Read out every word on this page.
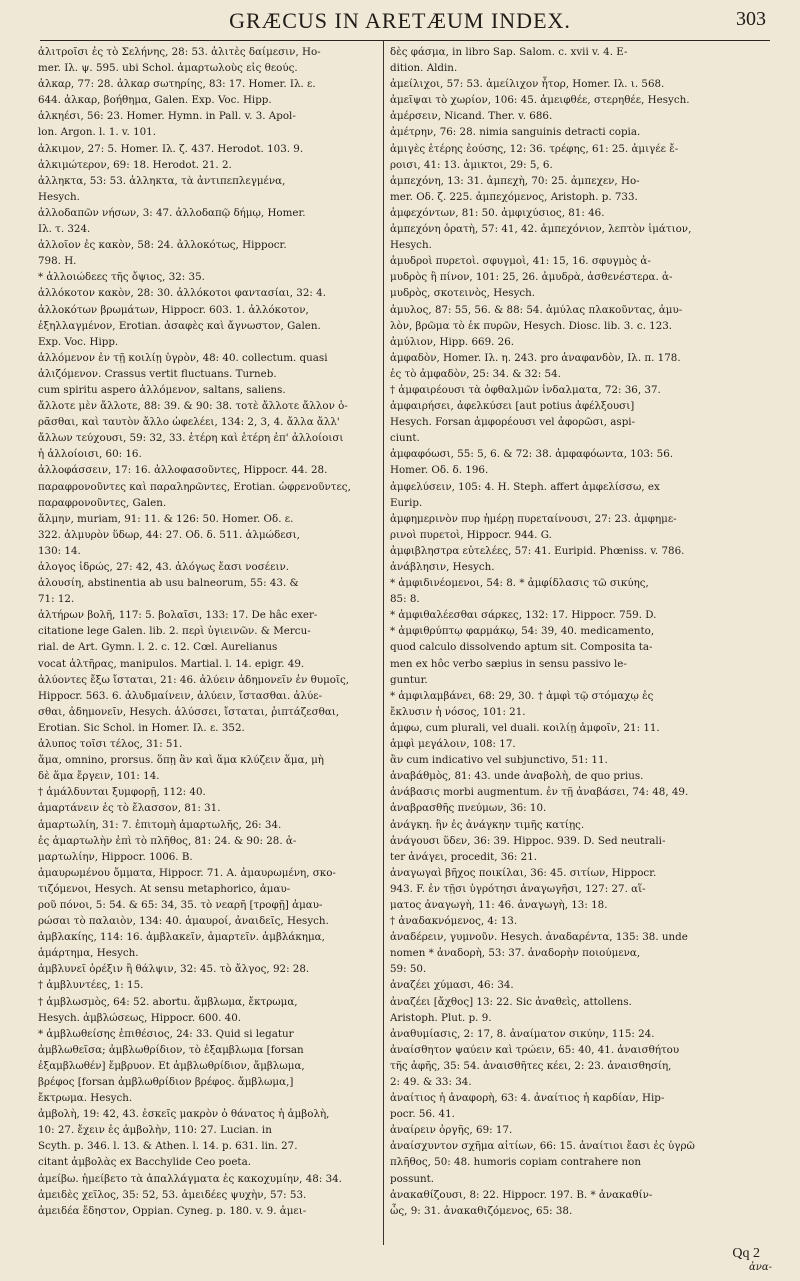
GRÆCUS IN ARETÆUM INDEX.	303
ἀλιτροῖσι ἐς τὸ Σελήνης, 28: 53. ἀλιτὲς δαίμεσιν, Ho-
mer. Ιλ. ψ. 595. ubi Schol. ἁμαρτωλοὺς εἰς θεούς.
ἀλκαρ, 77: 28. ἀλκαρ σωτηρίης, 83: 17. Homer. Ιλ. ε.
644. ἀλκαρ, βοήθημα, Galen. Exp. Voc. Hipp.
ἀλκηέσι, 56: 23. Homer. Hymn. in Pall. v. 3. Apol-
lon. Argon. l. 1. v. 101.
ἀλκιμον, 27: 5. Homer. Ιλ. ζ. 437. Herodot. 103. 9.
ἀλκιμώτερον, 69: 18. Herodot. 21. 2.
ἀλληκτα, 53: 53. ἀλληκτα, τὰ ἀντιπεπλεγμένα,
Hesych.
ἀλλοδαπῶν νήσων, 3: 47. ἀλλοδαπῷ δήμῳ, Homer.
Ιλ. τ. 324.
ἀλλοῖον ἐς κακὸν, 58: 24. ἀλλοκότως, Hippocr.
798. H.
* ἀλλοιώδεες τῆς ὄψιος, 32: 35.
ἀλλόκοτον κακὸν, 28: 30. ἀλλόκοτοι φαντασίαι, 32: 4.
ἀλλοκότων βρωμάτων, Hippocr. 603. 1. ἀλλόκοτον,
ἐξηλλαγμένον, Erotian. ἀσαφὲς καὶ ἄγνωστον, Galen.
Exp. Voc. Hipp.
ἀλλόμενον ἐν τῇ κοιλίῃ ὑγρὸν, 48: 40. collectum. quasi
ἀλιζόμενον. Crassus vertit fluctuans. Turneb.
cum spiritu aspero ἁλλόμενον, saltans, saliens.
ἄλλοτε μὲν ἄλλοτε, 88: 39. & 90: 38. τοτὲ ἄλλοτε ἄλλον ὁ-
ρᾶσθαι, καὶ ταυτὸν ἄλλο ὠφελέει, 134: 2, 3, 4. ἄλλα ἄλλ'
ἄλλων τεύχουσι, 59: 32, 33. ἑτέρη καὶ ἑτέρη ἐπ' ἀλλοίοισι
ἡ ἀλλοίοισι, 60: 16.
ἀλλοφάσσειν, 17: 16. ἀλλοφασοῦντες, Hippocr. 44. 28.
παραφρονοῦντες καὶ παραληρῶντες, Erotian. ὠφρενοῦντες,
παραφρονοῦντες, Galen.
ἅλμην, muriam, 91: 11. & 126: 50. Homer. Οδ. ε.
322. ἁλμυρὸν ὕδωρ, 44: 27. Οδ. δ. 511. ἁλμώδεσι,
130: 14.
ἀλογος ἱδρώς, 27: 42, 43. ἀλόγως ἔασι νοσέειν.
ἀλουσίη, abstinentia ab usu balneorum, 55: 43. &
71: 12.
ἀλτήρων βολῆ, 117: 5. βολαῖσι, 133: 17. De hâc exer-
citatione lege Galen. lib. 2. περὶ ὑγιεινῶν. & Mercu-
rial. de Art. Gymn. l. 2. c. 12. Cœl. Aurelianus
vocat ἀλτῆρας, manipulos. Martial. l. 14. epigr. 49.
ἀλύοντες ἔξω ἴσταται, 21: 46. ἀλύειν ἀδημονεῖν ἐν θυμοῖς,
Hippocr. 563. 6. ἀλυδμαίνειν, ἀλύειν, ἴστασθαι. ἀλύε-
σθαι, ἀδημονεῖν, Hesych. ἀλύσσει, ἴσταται, ῥιπτάζεσθαι,
Erotian. Sic Schol. in Homer. Ιλ. ε. 352.
ἀλυπος τοῖσι τέλος, 31: 51.
ἅμα, omnino, prorsus. ὅπῃ ἂν καὶ ἅμα κλύζειν ἅμα, μὴ
δὲ ἅμα ἔργειν, 101: 14.
† ἁμάλδυνται ξυμφορῇ, 112: 40.
ἁμαρτάνειν ἐς τὸ ἔλασσον, 81: 31.
ἁμαρτωλίη, 31: 7. ἐπιτομὴ ἁμαρτωλῆς, 26: 34.
ἐς ἁμαρτωλὴν ἐπὶ τὸ πλῆθος, 81: 24. & 90: 28. ἁ-
μαρτωλίην, Hippocr. 1006. B.
ἀμαυρωμένου ὄμματα, Hippocr. 71. A. ἀμαυρωμένη, σκο-
τιζόμενοι, Hesych. At sensu metaphorico, ἀμαυ-
ροῦ πόνοι, 5: 54. & 65: 34, 35. τὸ νεαρῆ [τροφῇ] ἀμαυ-
ρώσαι τὸ παλαιὸν, 134: 40. ἀμαυροί, ἀναιδεῖς, Hesych.
ἀμβλακίης, 114: 16. ἀμβλακεῖν, ἁμαρτεῖν. ἀμβλάκημα,
ἁμάρτημα, Hesych.
ἀμβλυνεῖ ὀρέξιν ἢ θάλψιν, 32: 45. τὸ ἄλγος, 92: 28.
† ἀμβλυντέες, 1: 15.
† ἀμβλωσμὸς, 64: 52. abortu. ἄμβλωμα, ἔκτρωμα,
Hesych. ἀμβλώσεως, Hippocr. 600. 40.
* ἀμβλωθείσης ἐπιθέσιος, 24: 33. Quid si legatur
ἀμβλωθεῖσα; ἀμβλωθρίδιον, τὸ ἐξαμβλωμα [forsan
ἐξαμβλωθέν] ἔμβρυον. Et ἀμβλωθρίδιον, ἄμβλωμα,
βρέφος [forsan ἀμβλωθρίδιον βρέφος. ἄμβλωμα,]
ἔκτρωμα. Hesych.
ἀμβολὴ, 19: 42, 43. ἐσκεῖς μακρὸν ὁ θάνατος ἡ ἀμβολὴ,
10: 27. ἔχειν ἐς ἀμβολὴν, 110: 27. Lucian. in
Scyth. p. 346. l. 13. & Athen. l. 14. p. 631. lin. 27.
citant ἀμβολὰς ex Bacchylide Ceo poeta.
ἀμείβω. ἡμείβετο τὰ ἀπαλλάγματα ἐς κακοχυμίην, 48: 34.
ἀμειδὲς χεῖλος, 35: 52, 53. ἀμειδέες ψυχὴν, 57: 53.
ἀμειδέα ἔδηστον, Oppian. Cyneg. p. 180. v. 9. ἀμει-
δὲς φάσμα, in libro Sap. Salom. c. xvii v. 4. E-
dition. Aldin.
ἀμείλιχοι, 57: 53. ἀμείλιχον ἦτορ, Homer. Ιλ. ι. 568.
ἀμεῖψαι τὸ χωρίον, 106: 45. ἀμειφθέε, στερηθέε, Hesych.
ἀμέρσειν, Nicand. Ther. v. 686.
ἀμέτρην, 76: 28. nimia sanguinis detracti copia.
ἀμιγὲς ἑτέρης ἐούσης, 12: 36. τρέφης, 61: 25. ἀμιγέε ἔ-
ροισι, 41: 13. ἀμικτοι, 29: 5, 6.
ἀμπεχόνη, 13: 31. ἀμπεχὴ, 70: 25. ἀμπεχεν, Ho-
mer. Οδ. ζ. 225. ἀμπεχόμενος, Aristoph. p. 733.
ἀμφεχόντων, 81: 50. ἀμφιχύσιος, 81: 46.
ἀμπεχόνη ὁρατὴ, 57: 41, 42. ἀμπεχόνιον, λεπτὸν ἱμάτιον,
Hesych.
ἀμυδροὶ πυρετοὶ. σφυγμοὶ, 41: 15, 16. σφυγμὸς ἀ-
μυδρὸς ἢ πίνον, 101: 25, 26. ἀμυδρὰ, ἀσθενέστερα. ἀ-
μυδρὸς, σκοτεινὸς, Hesych.
ἀμυλος, 87: 55, 56. & 88: 54. ἀμύλας πλακοῦντας, ἀμυ-
λὸν, βρῶμα τὸ ἐκ πυρῶν, Hesych. Diosc. lib. 3. c. 123.
ἀμύλιον, Hipp. 669. 26.
ἀμφαδὸν, Homer. Ιλ. η. 243. pro ἀναφανδὸν, Ιλ. π. 178.
ἐς τὸ ἀμφαδὸν, 25: 34. & 32: 54.
† ἀμφαιρέουσι τὰ ὀφθαλμῶν ἰνδαλματα, 72: 36, 37.
ἀμφαιρήσει, ἀφελκύσει [aut potius ἀφέλξουσι]
Hesych. Forsan ἀμφορέουσι vel ἀφορῶσι, aspi-
ciunt.
ἀμφαφόωσι, 55: 5, 6. & 72: 38. ἀμφαφόωντα, 103: 56.
Homer. Οδ. δ. 196.
ἀμφελύσειν, 105: 4. H. Steph. affert ἀμφελίσσω, ex
Eurip.
ἀμφημερινὸν πυρ ἡμέρῃ πυρεταίνουσι, 27: 23. ἀμφημε-
ρινοὶ πυρετοὶ, Hippocr. 944. G.
ἀμφιβληστρα εὐτελέες, 57: 41. Euripid. Phœniss. v. 786.
ἀνάβλησιν, Hesych.
* ἀμφιδινέομενοι, 54: 8. * ἀμφίδλασις τῶ σικύης,
85: 8.
* ἀμφιθαλέεσθαι σάρκες, 132: 17. Hippocr. 759. D.
* ἀμφιθρύπτῳ φαρμάκῳ, 54: 39, 40. medicamento,
quod calculo dissolvendo aptum sit. Composita ta-
men ex hôc verbo sæpius in sensu passivo le-
guntur.
* ἀμφιλαμβάνει, 68: 29, 30. † ἀμφὶ τῷ στόμαχῳ ἐς
ἔκλυσιν ἡ νόσος, 101: 21.
ἀμφω, cum plurali, vel duali. κοιλίῃ ἀμφοῖν, 21: 11.
ἀμφὶ μεγάλοιν, 108: 17.
ἂν cum indicativo vel subjunctivo, 51: 11.
ἀναβάθμὸς, 81: 43. unde ἀναβολὴ, de quo prius.
ἀνάβασις morbi augmentum. ἐν τῇ ἀναβάσει, 74: 48, 49.
ἀναβρασθῆς πνεύμων, 36: 10.
ἀνάγκη. ἣν ἐς ἀνάγκην τιμῆς κατίῃς.
ἀνάγουσι ὕδεν, 36: 39. Hippoc. 939. D. Sed neutrali-
ter ἀνάγει, procedit, 36: 21.
ἀναγωγαὶ βῆχος ποικίλαι, 36: 45. σιτίων, Hippocr.
943. F. ἐν τῇσι ὑγρότησι ἀναγωγῆσι, 127: 27. αἵ-
ματος ἀναγωγὴ, 11: 46. ἀναγωγὴ, 13: 18.
† ἀναδακνόμενος, 4: 13.
ἀναδέρειν, γυμνοῦν. Hesych. ἀναδαρέντα, 135: 38. unde
nomen * ἀναδορὴ, 53: 37. ἀναδορὴν ποιούμενα,
59: 50.
ἀναζέει χύμασι, 46: 34.
ἀναζέει [ἄχθος] 13: 22. Sic ἀναθεὶς, attollens.
Aristoph. Plut. p. 9.
ἀναθυμίασις, 2: 17, 8. ἀναίματον σικύην, 115: 24.
ἀναίσθητον ψαύειν καὶ τρώειν, 65: 40, 41. ἀναισθήτου
τῆς ἀφῆς, 35: 54. ἀναισθῆτες κέει, 2: 23. ἀναισθησίη,
2: 49. & 33: 34.
ἀναίτιος ἡ ἀναφορὴ, 63: 4. ἀναίτιος ἡ καρδίαν, Hip-
pocr. 56. 41.
ἀναίρειν ὀργῆς, 69: 17.
ἀναίσχυντον σχῆμα αἰτίων, 66: 15. ἀναίτιοι ἔασι ἐς ὑγρῶ
πλῆθος, 50: 48. humoris copiam contrahere non
possunt.
ἀνακαθίζουσι, 8: 22. Hippocr. 197. B. * ἀνακαθίν-
ὧς, 9: 31. ἀνακαθιζόμενος, 65: 38.
Qq 2
ἀνα-
